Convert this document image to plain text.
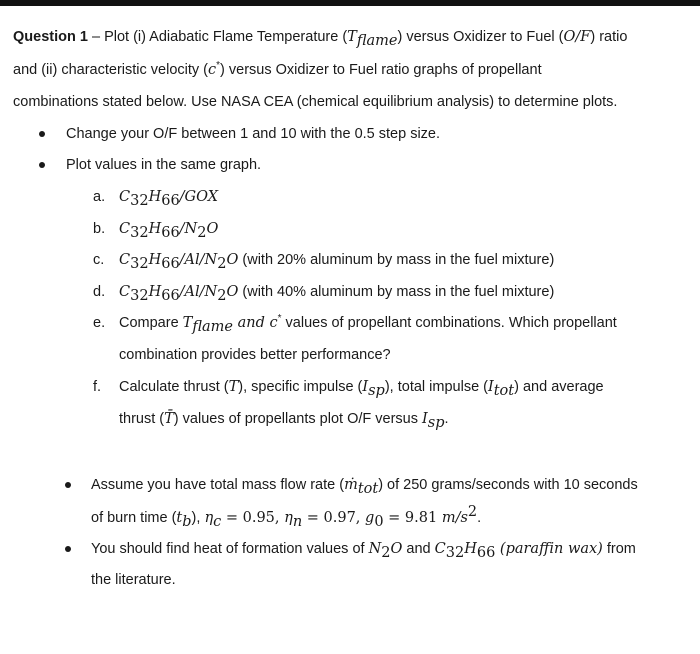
Question 1 – Plot (i) Adiabatic Flame Temperature $(T_{flame})$ versus Oxidizer to Fuel (O/F) ratio
and (ii) characteristic velocity (c*) versus Oxidizer to Fuel ratio graphs of propellant
combinations stated below. Use NASA CEA (chemical equilibrium analysis) to determine plots.
Change your O/F between 1 and 10 with the 0.5 step size.
Plot values in the same graph.
a. $C_{32}H_{66}$/GOX
b. $C_{32}H_{66}/N_2O$
c. $C_{32}H_{66}/Al/N_2O$ (with 20% aluminum by mass in the fuel mixture)
d. $C_{32}H_{66}/Al/N_2O$ (with 40% aluminum by mass in the fuel mixture)
e. Compare $T_{flame}$ and c* values of propellant combinations. Which propellant
combination provides better performance?
f. Calculate thrust (T), specific impulse $(I_{sp})$, total impulse $(I_{tot})$ and average
thrust (T̄) values of propellants plot O/F versus $I_{sp}$.
Assume you have total mass flow rate (ṁ$_{tot}$) of 250 grams/seconds with 10 seconds
of burn time $(t_b)$, $\eta_c = 0.95$, $\eta_n = 0.97$, $g_0 = 9.81$ $m/s^2$.
You should find heat of formation values of $N_2O$ and $C_{32}H_{66}$ (paraffin wax) from
the literature.
